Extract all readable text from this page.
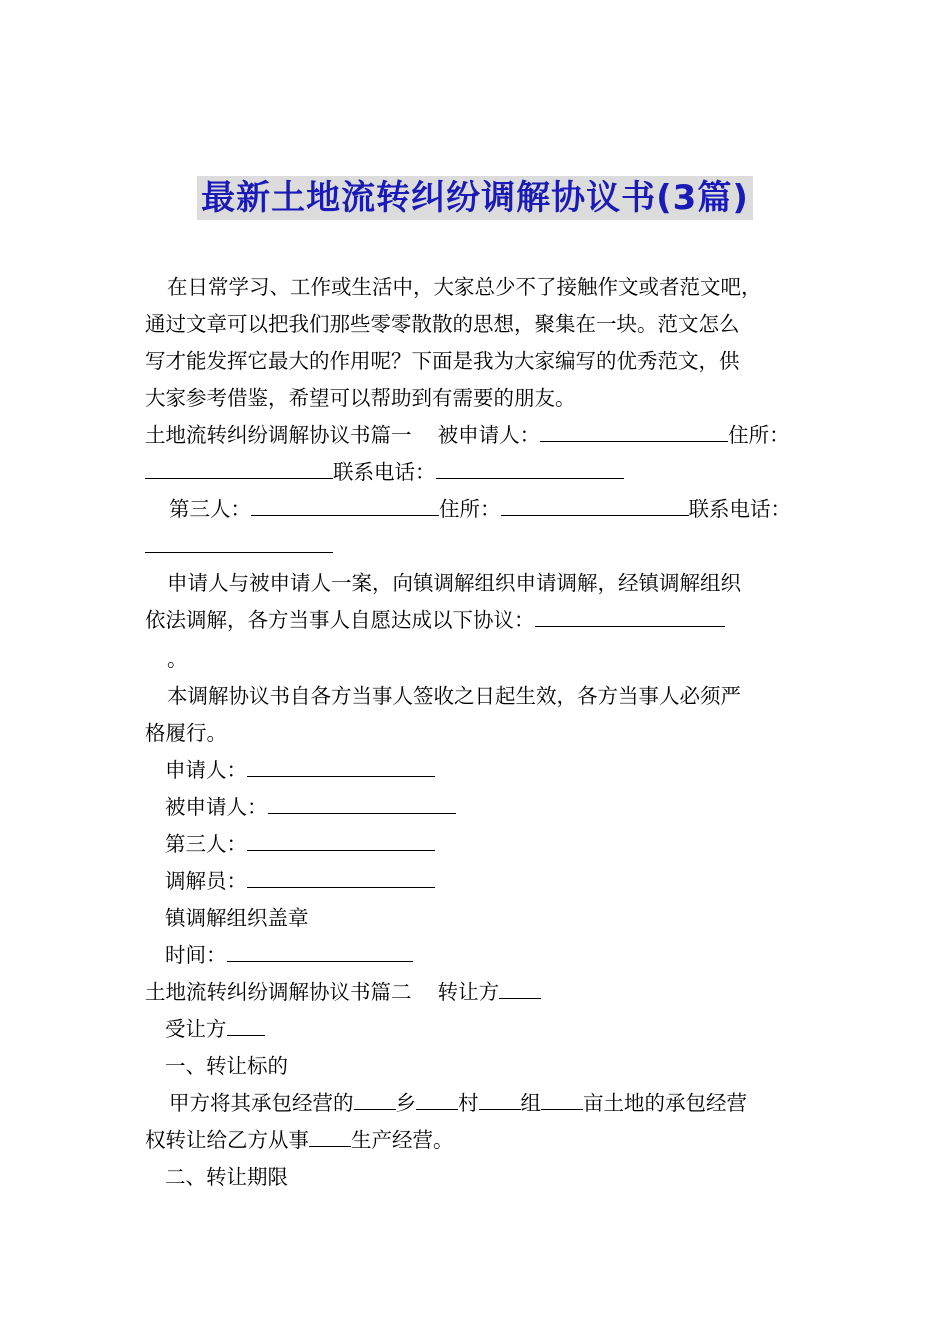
最新土地流转纠纷调解协议书(3篇)
在日常学习、工作或生活中，大家总少不了接触作文或者范文吧，
通过文章可以把我们那些零零散散的思想，聚集在一块。范文怎么
写才能发挥它最大的作用呢？下面是我为大家编写的优秀范文，供
大家参考借鉴，希望可以帮助到有需要的朋友。
土地流转纠纷调解协议书篇一 被申请人：	住所：
联系电话：
第三人：	住所：	联系电话：
申请人与被申请人一案，向镇调解组织申请调解，经镇调解组织
依法调解，各方当事人自愿达成以下协议：
。
本调解协议书自各方当事人签收之日起生效，各方当事人必须严
格履行。
申请人：
被申请人：
第三人：
调解员：
镇调解组织盖章
时间：
土地流转纠纷调解协议书篇二 转让方
受让方
一、转让标的
甲方将其承包经营的 乡 村 组 亩土地的承包经营
权转让给乙方从事 生产经营。
二、转让期限
